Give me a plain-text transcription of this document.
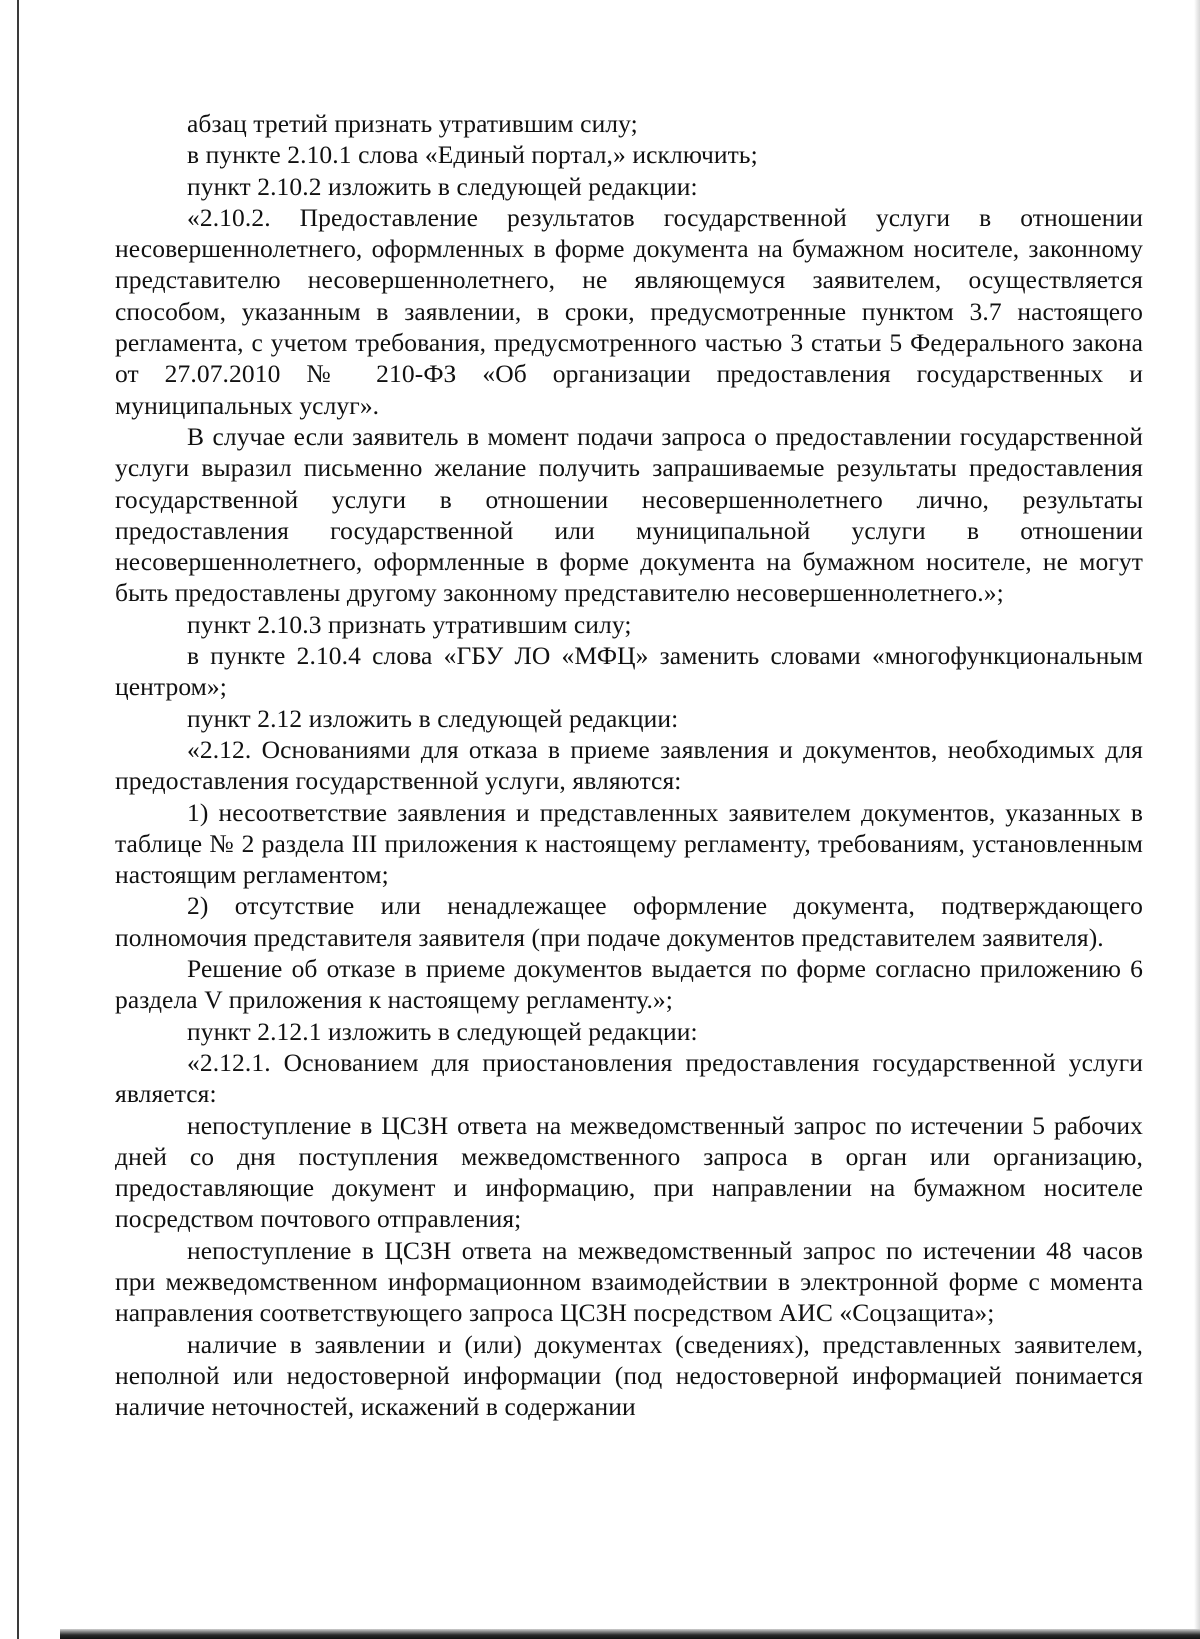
абзац третий признать утратившим силу;

в пункте 2.10.1 слова «Единый портал,» исключить;

пункт 2.10.2 изложить в следующей редакции:

«2.10.2. Предоставление результатов государственной услуги в отношении несовершеннолетнего, оформленных в форме документа на бумажном носителе, законному представителю несовершеннолетнего, не являющемуся заявителем, осуществляется способом, указанным в заявлении, в сроки, предусмотренные пунктом 3.7 настоящего регламента, с учетом требования, предусмотренного частью 3 статьи 5 Федерального закона от 27.07.2010 № 210-ФЗ «Об организации предоставления государственных и муниципальных услуг».

В случае если заявитель в момент подачи запроса о предоставлении государственной услуги выразил письменно желание получить запрашиваемые результаты предоставления государственной услуги в отношении несовершеннолетнего лично, результаты предоставления государственной или муниципальной услуги в отношении несовершеннолетнего, оформленные в форме документа на бумажном носителе, не могут быть предоставлены другому законному представителю несовершеннолетнего.»;

пункт 2.10.3 признать утратившим силу;

в пункте 2.10.4 слова «ГБУ ЛО «МФЦ» заменить словами «многофункциональным центром»;

пункт 2.12 изложить в следующей редакции:

«2.12. Основаниями для отказа в приеме заявления и документов, необходимых для предоставления государственной услуги, являются:

1) несоответствие заявления и представленных заявителем документов, указанных в таблице № 2 раздела III приложения к настоящему регламенту, требованиям, установленным настоящим регламентом;

2) отсутствие или ненадлежащее оформление документа, подтверждающего полномочия представителя заявителя (при подаче документов представителем заявителя).

Решение об отказе в приеме документов выдается по форме согласно приложению 6 раздела V приложения к настоящему регламенту.»;

пункт 2.12.1 изложить в следующей редакции:

«2.12.1. Основанием для приостановления предоставления государственной услуги является:

непоступление в ЦСЗН ответа на межведомственный запрос по истечении 5 рабочих дней со дня поступления межведомственного запроса в орган или организацию, предоставляющие документ и информацию, при направлении на бумажном носителе посредством почтового отправления;

непоступление в ЦСЗН ответа на межведомственный запрос по истечении 48 часов при межведомственном информационном взаимодействии в электронной форме с момента направления соответствующего запроса ЦСЗН посредством АИС «Соцзащита»;

наличие в заявлении и (или) документах (сведениях), представленных заявителем, неполной или недостоверной информации (под недостоверной информацией понимается наличие неточностей, искажений в содержании
